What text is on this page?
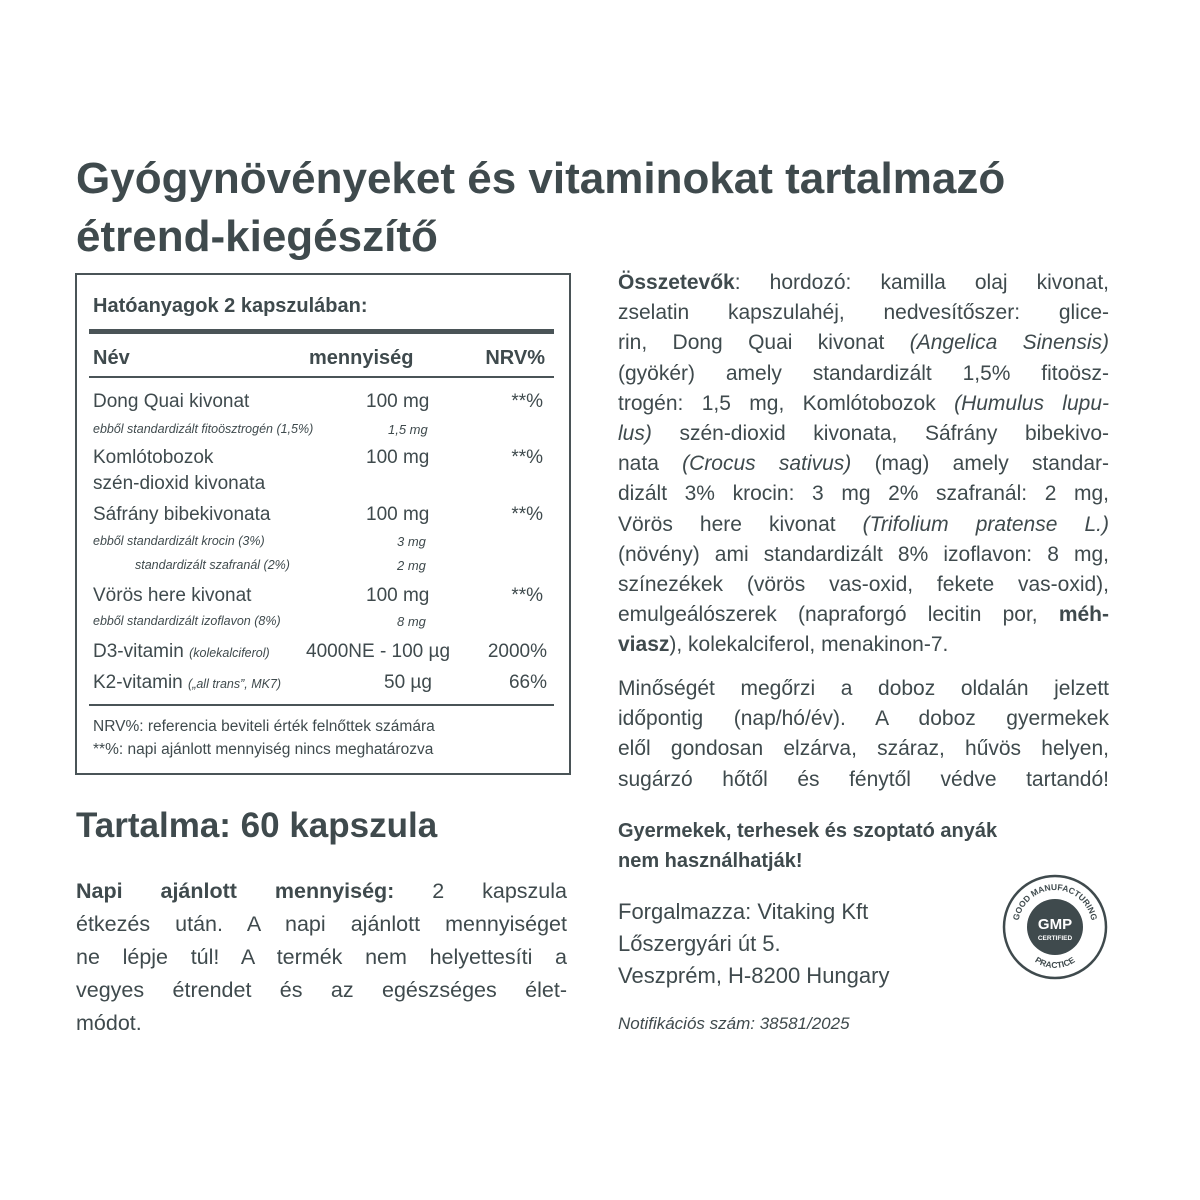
Gyógynövényeket és vitaminokat tartalmazó
étrend-kiegészítő
Hatóanyagok 2 kapszulában:
Név	mennyiség	NRV%
Dong Quai kivonat	100 mg	**%
ebből standardizált fitoösztrogén (1,5%)	1,5 mg
Komlótobozok
szén-dioxid kivonata
100 mg	**%
Sáfrány bibekivonata	100 mg	**%
ebből standardizált krocin (3%)	3 mg
standardizált szafranál (2%)	2 mg
Vörös here kivonat	100 mg	**%
ebből standardizált izoflavon (8%)	8 mg
D3-vitamin (kolekalciferol) 4000NE - 100 µg 2000%
K2-vitamin („all trans”, MK7)	50 µg	66%
NRV%: referencia beviteli érték felnőttek számára
**%: napi ajánlott mennyiség nincs meghatározva
Tartalma: 60 kapszula
Napi ajánlott mennyiség: 2 kapszula
étkezés után. A napi ajánlott mennyiséget
ne lépje túl! A termék nem helyettesíti a
vegyes étrendet és az egészséges élet-
módot.
Összetevők: hordozó: kamilla olaj kivonat,
zselatin kapszulahéj, nedvesítőszer: glice-
rin, Dong Quai kivonat (Angelica Sinensis)
(gyökér) amely standardizált 1,5% fitoösz-
trogén: 1,5 mg, Komlótobozok (Humulus lupu-
lus) szén-dioxid kivonata, Sáfrány bibekivo-
nata (Crocus sativus) (mag) amely standar-
dizált 3% krocin: 3 mg 2% szafranál: 2 mg,
Vörös here kivonat (Trifolium pratense L.)
(növény) ami standardizált 8% izoflavon: 8 mg,
színezékek (vörös vas-oxid, fekete vas-oxid),
emulgeálószerek (napraforgó lecitin por, méh-
viasz), kolekalciferol, menakinon-7.
Minőségét megőrzi a doboz oldalán jelzett
időpontig (nap/hó/év). A doboz gyermekek
elől gondosan elzárva, száraz, hűvös helyen,
sugárzó hőtől és fénytől védve tartandó!
Gyermekek, terhesek és szoptató anyák
nem használhatják!
Forgalmazza: Vitaking Kft
Lőszergyári út 5.
Veszprém, H-8200 Hungary
Notifikációs szám: 38581/2025
GOOD MANUFACTURING
PRACTICE
GMP
CERTIFIED
